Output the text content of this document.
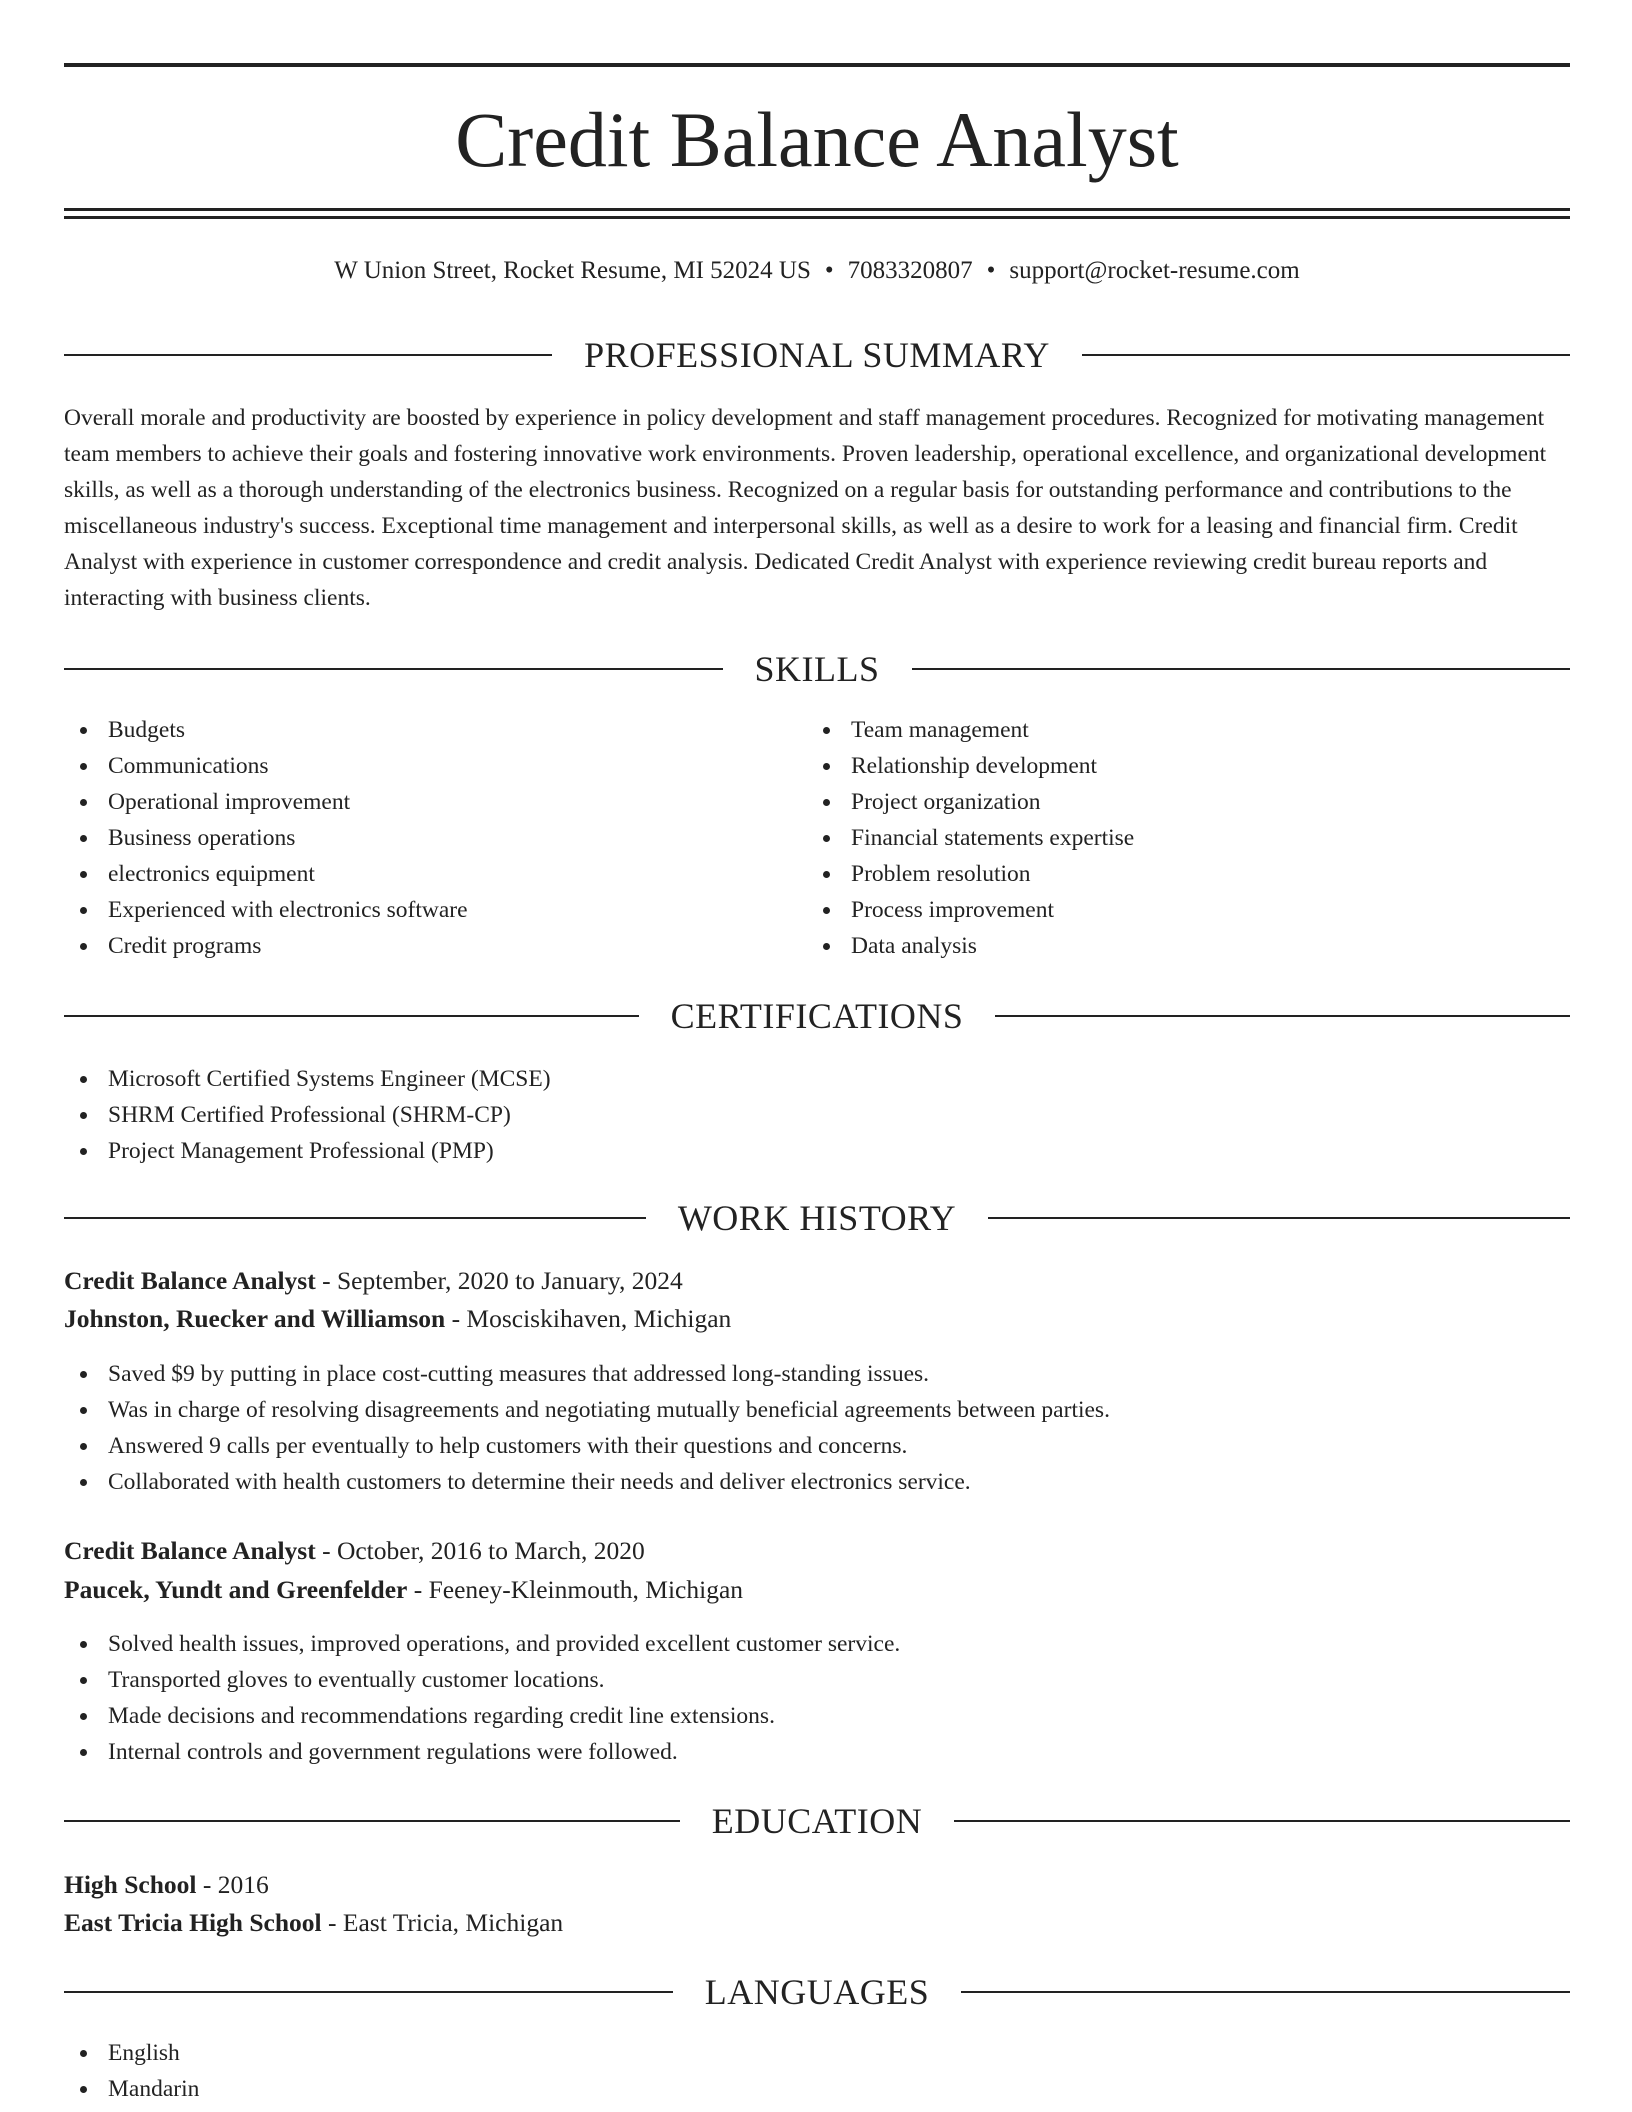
Credit Balance Analyst
W Union Street, Rocket Resume, MI 52024 US • 7083320807 • support@rocket-resume.com
PROFESSIONAL SUMMARY

Overall morale and productivity are boosted by experience in policy development and staff management procedures. Recognized for motivating management team members to achieve their goals and fostering innovative work environments. Proven leadership, operational excellence, and organizational development skills, as well as a thorough understanding of the electronics business. Recognized on a regular basis for outstanding performance and contributions to the miscellaneous industry's success. Exceptional time management and interpersonal skills, as well as a desire to work for a leasing and financial firm. Credit Analyst with experience in customer correspondence and credit analysis. Dedicated Credit Analyst with experience reviewing credit bureau reports and interacting with business clients.

SKILLS
Budgets
Communications
Operational improvement
Business operations
electronics equipment
Experienced with electronics software
Credit programs
Team management
Relationship development
Project organization
Financial statements expertise
Problem resolution
Process improvement
Data analysis
CERTIFICATIONS
Microsoft Certified Systems Engineer (MCSE)
SHRM Certified Professional (SHRM-CP)
Project Management Professional (PMP)
WORK HISTORY
Credit Balance Analyst - September, 2020 to January, 2024
Johnston, Ruecker and Williamson - Mosciskihaven, Michigan
Saved $9 by putting in place cost-cutting measures that addressed long-standing issues.
Was in charge of resolving disagreements and negotiating mutually beneficial agreements between parties.
Answered 9 calls per eventually to help customers with their questions and concerns.
Collaborated with health customers to determine their needs and deliver electronics service.
Credit Balance Analyst - October, 2016 to March, 2020
Paucek, Yundt and Greenfelder - Feeney-Kleinmouth, Michigan
Solved health issues, improved operations, and provided excellent customer service.
Transported gloves to eventually customer locations.
Made decisions and recommendations regarding credit line extensions.
Internal controls and government regulations were followed.
EDUCATION
High School - 2016
East Tricia High School - East Tricia, Michigan
LANGUAGES
English
Mandarin
